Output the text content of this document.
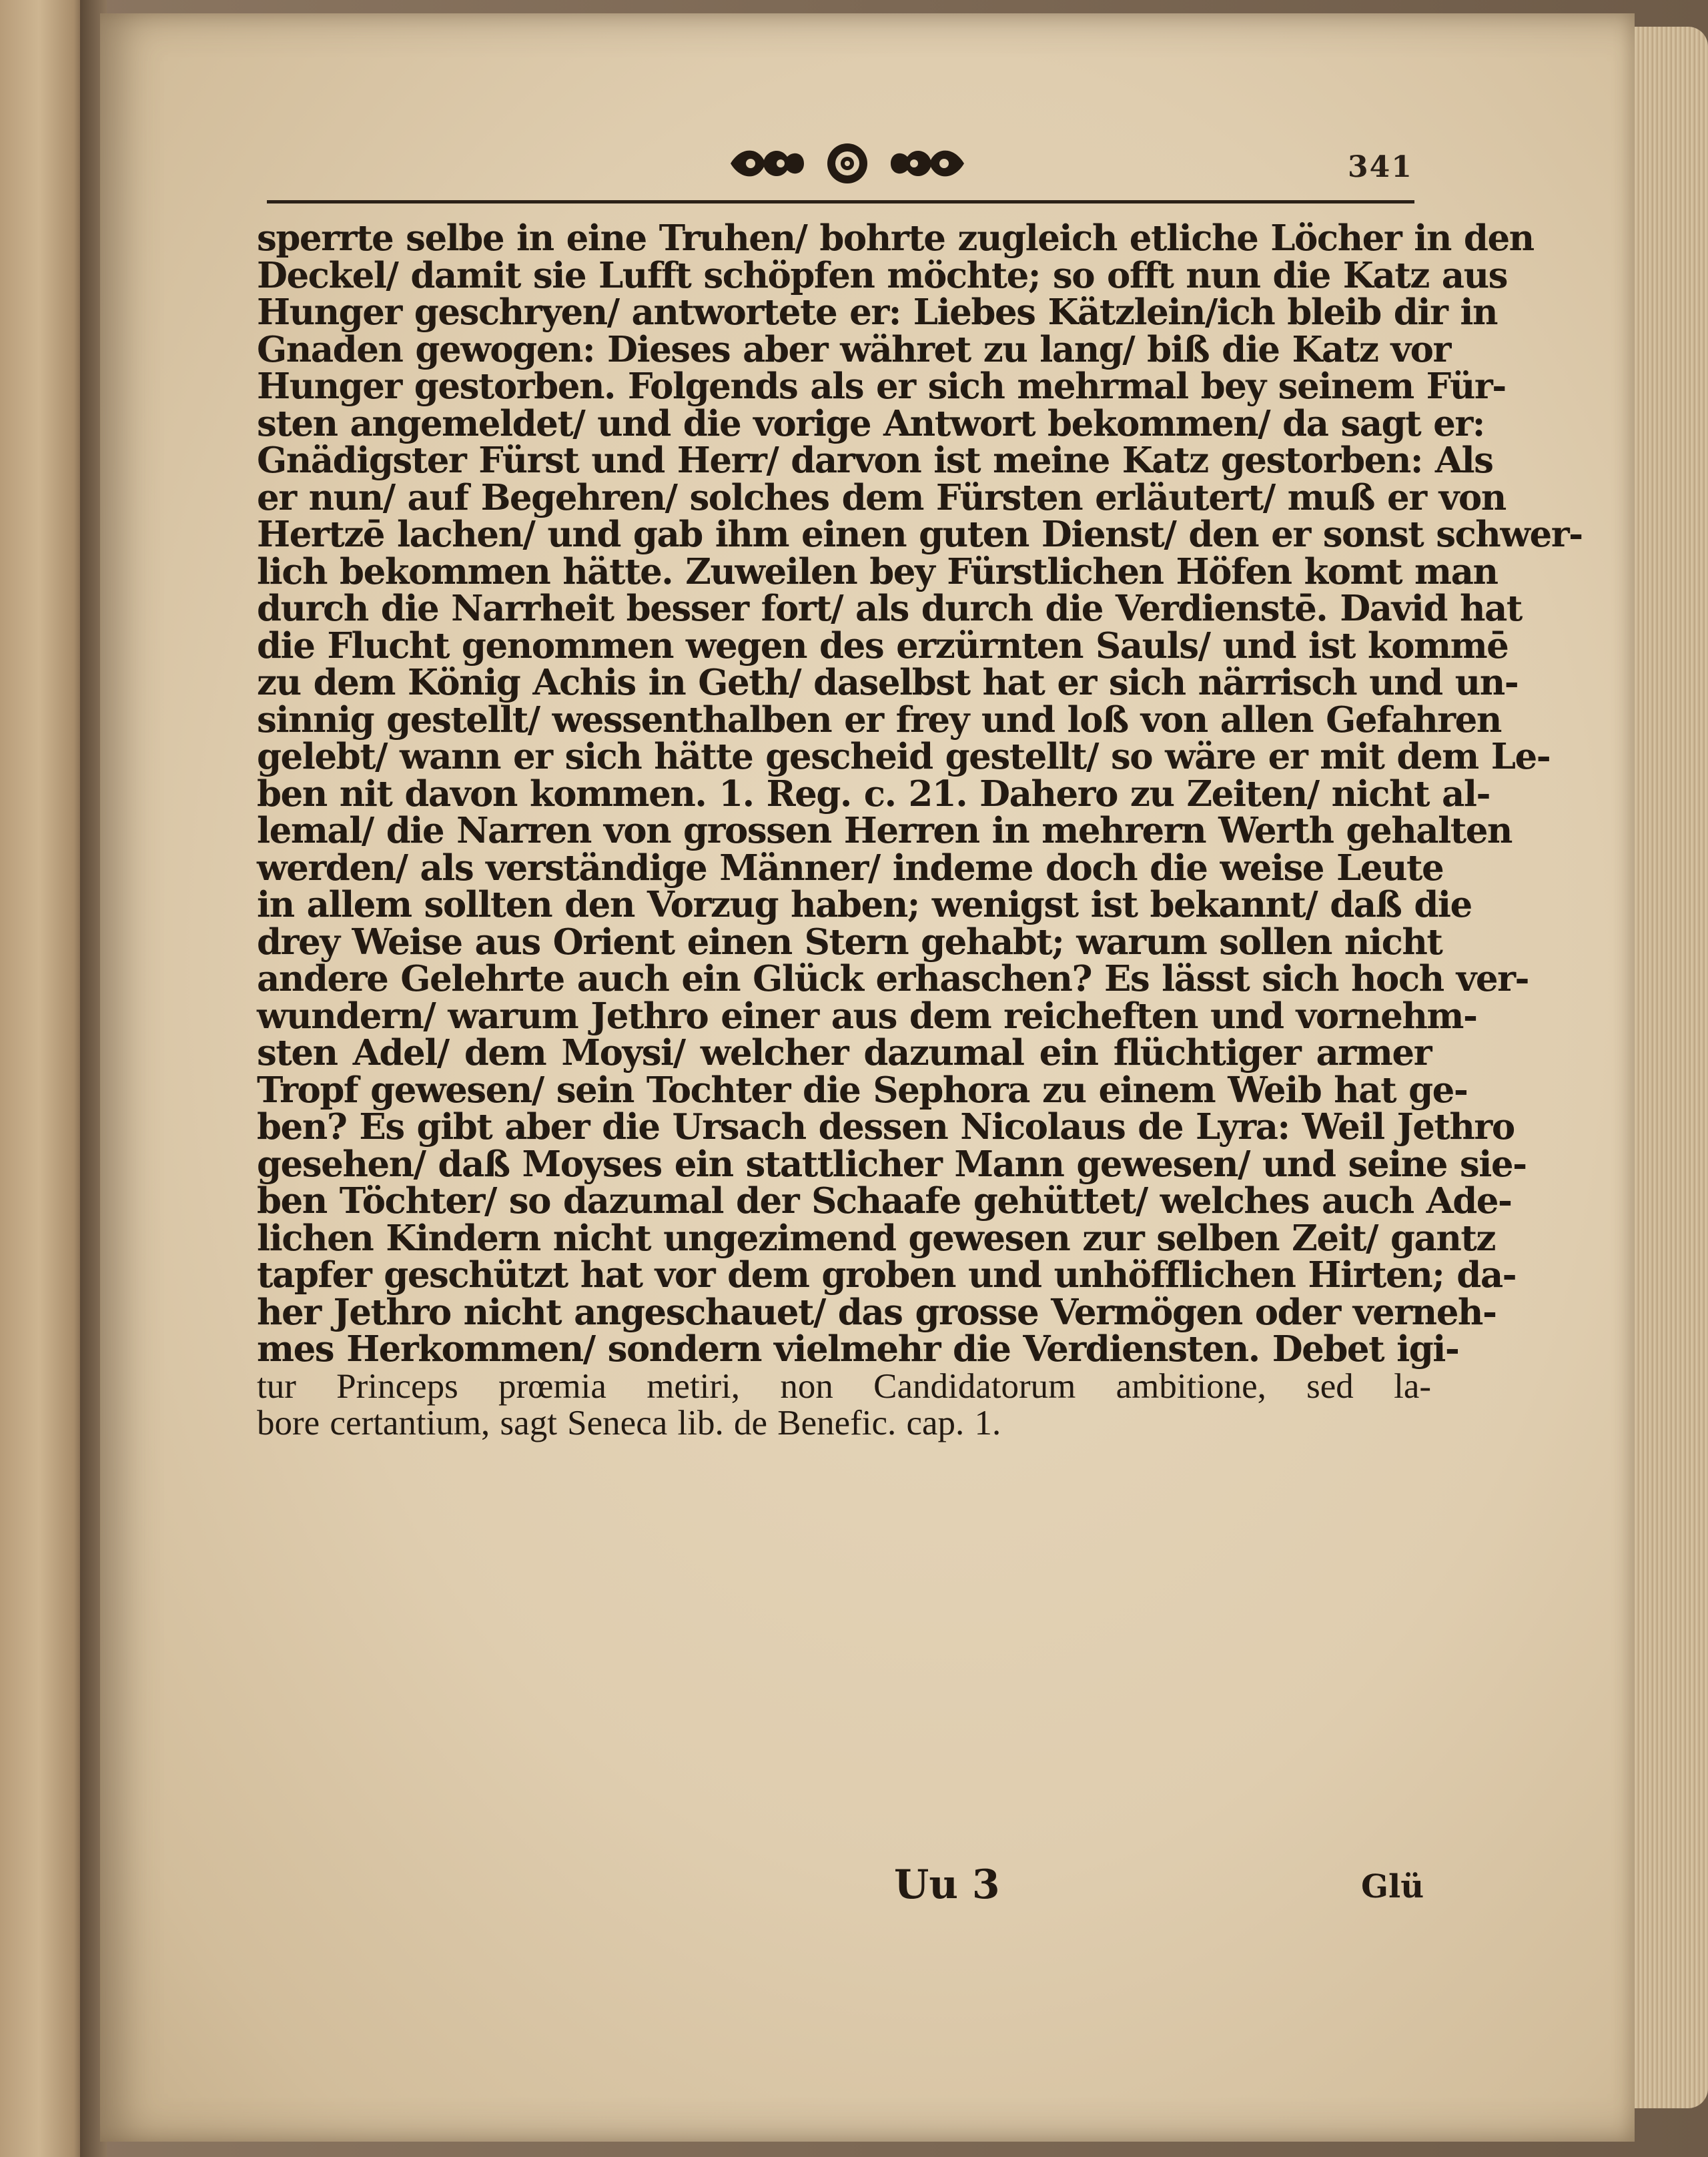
341
sperrte selbe in eine Truhen/ bohrte zugleich etliche Löcher in den
Deckel/ damit sie Lufft schöpfen möchte; so offt nun die Katz aus
Hunger geschryen/ antwortete er: Liebes Kätzlein/ich bleib dir in
Gnaden gewogen: Dieses aber währet zu lang/ biß die Katz vor
Hunger gestorben. Folgends als er sich mehrmal bey seinem Für-
sten angemeldet/ und die vorige Antwort bekommen/ da sagt er:
Gnädigster Fürst und Herr/ darvon ist meine Katz gestorben: Als
er nun/ auf Begehren/ solches dem Fürsten erläutert/ muß er von
Hertzē lachen/ und gab ihm einen guten Dienst/ den er sonst schwer-
lich bekommen hätte. Zuweilen bey Fürstlichen Höfen komt man
durch die Narrheit besser fort/ als durch die Verdienstē. David hat
die Flucht genommen wegen des erzürnten Sauls/ und ist kommē
zu dem König Achis in Geth/ daselbst hat er sich närrisch und un-
sinnig gestellt/ wessenthalben er frey und loß von allen Gefahren
gelebt/ wann er sich hätte gescheid gestellt/ so wäre er mit dem Le-
ben nit davon kommen. 1. Reg. c. 21. Dahero zu Zeiten/ nicht al-
lemal/ die Narren von grossen Herren in mehrern Werth gehalten
werden/ als verständige Männer/ indeme doch die weise Leute
in allem sollten den Vorzug haben; wenigst ist bekannt/ daß die
drey Weise aus Orient einen Stern gehabt; warum sollen nicht
andere Gelehrte auch ein Glück erhaschen? Es lässt sich hoch ver-
wundern/ warum Jethro einer aus dem reicheften und vornehm-
sten Adel/ dem Moysi/ welcher dazumal ein flüchtiger armer
Tropf gewesen/ sein Tochter die Sephora zu einem Weib hat ge-
ben? Es gibt aber die Ursach dessen Nicolaus de Lyra: Weil Jethro
gesehen/ daß Moyses ein stattlicher Mann gewesen/ und seine sie-
ben Töchter/ so dazumal der Schaafe gehüttet/ welches auch Ade-
lichen Kindern nicht ungezimend gewesen zur selben Zeit/ gantz
tapfer geschützt hat vor dem groben und unhöfflichen Hirten; da-
her Jethro nicht angeschauet/ das grosse Vermögen oder verneh-
mes Herkommen/ sondern vielmehr die Verdiensten. Debet igi-
tur Princeps prœmia metiri, non Candidatorum ambitione, sed la-
bore certantium, sagt Seneca lib. de Benefic. cap. 1.
Uu 3	Glü
